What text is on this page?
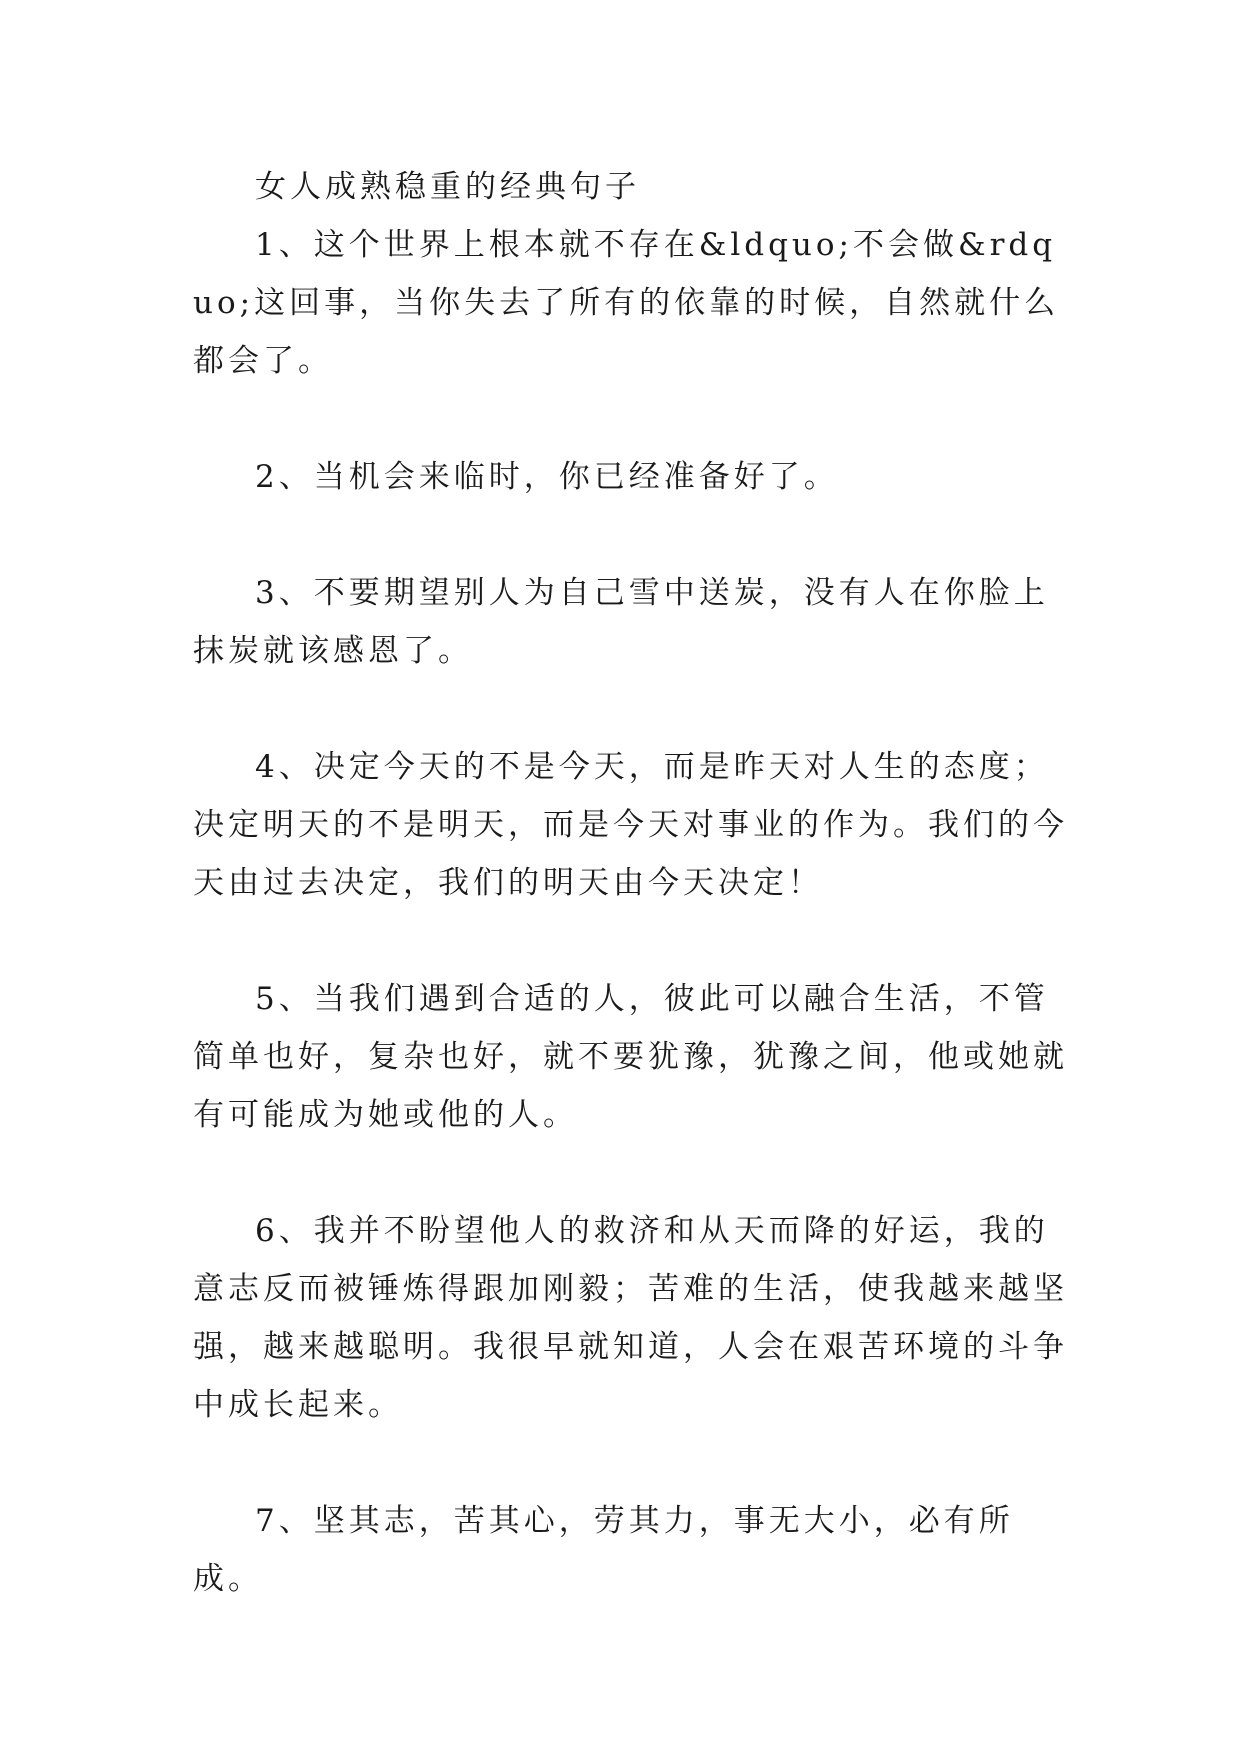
女人成熟稳重的经典句子

1、这个世界上根本就不存在&ldquo;不会做&rdquo;这回事，当你失去了所有的依靠的时候，自然就什么都会了。

2、当机会来临时，你已经准备好了。

3、不要期望别人为自己雪中送炭，没有人在你脸上抹炭就该感恩了。

4、决定今天的不是今天，而是昨天对人生的态度；决定明天的不是明天，而是今天对事业的作为。我们的今天由过去决定，我们的明天由今天决定！

5、当我们遇到合适的人，彼此可以融合生活，不管简单也好，复杂也好，就不要犹豫，犹豫之间，他或她就有可能成为她或他的人。

6、我并不盼望他人的救济和从天而降的好运，我的意志反而被锤炼得跟加刚毅；苦难的生活，使我越来越坚强，越来越聪明。我很早就知道，人会在艰苦环境的斗争中成长起来。

7、坚其志，苦其心，劳其力，事无大小，必有所成。
